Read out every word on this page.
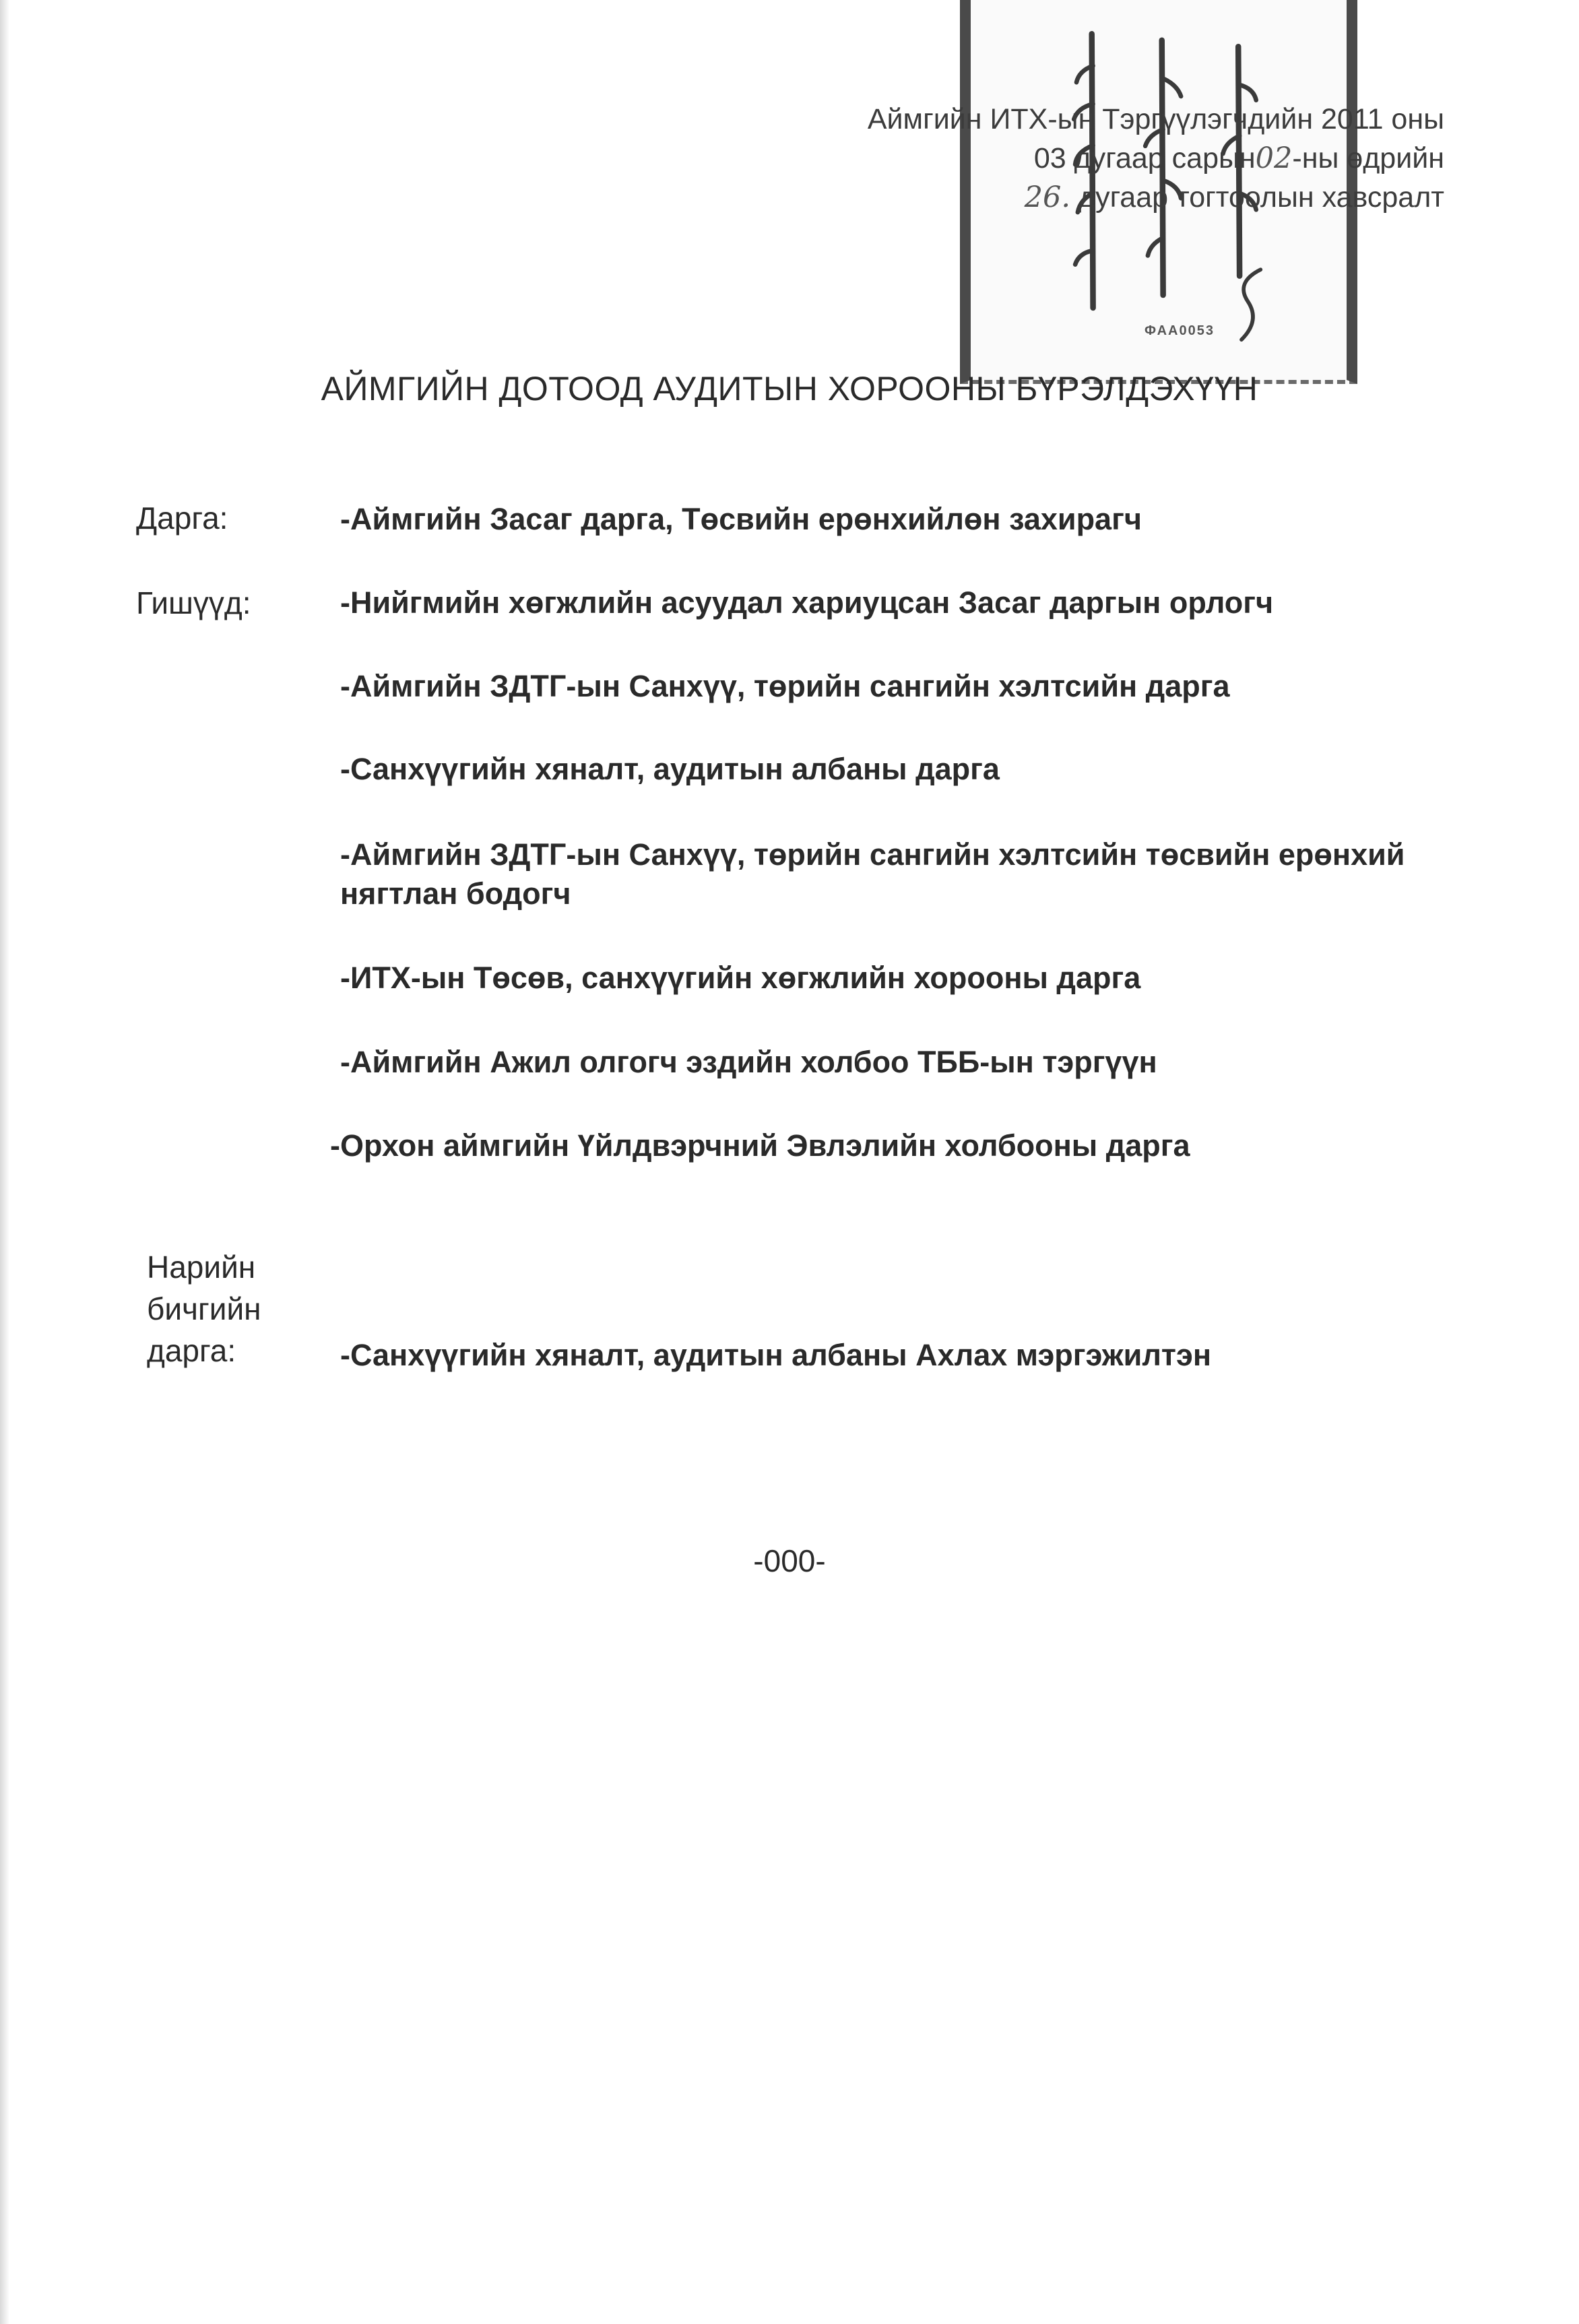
ФАА0053
Аймгийн ИТХ-ын Тэргүүлэгчдийн 2011 оны
03 дугаар сарын02-ны өдрийн
26. дугаар тогтоолын хавсралт
АЙМГИЙН ДОТООД АУДИТЫН ХОРООНЫ БҮРЭЛДЭХҮҮН
Дарга:	-Аймгийн Засаг дарга, Төсвийн ерөнхийлөн захирагч
Гишүүд:	-Нийгмийн хөгжлийн асуудал хариуцсан Засаг даргын орлогч
-Аймгийн ЗДТГ-ын Санхүү, төрийн сангийн хэлтсийн дарга
-Санхүүгийн хяналт, аудитын албаны дарга
-Аймгийн ЗДТГ-ын Санхүү, төрийн сангийн хэлтсийн төсвийн ерөнхий нягтлан бодогч
-ИТХ-ын Төсөв, санхүүгийн хөгжлийн хорооны дарга
-Аймгийн Ажил олгогч эздийн холбоо ТББ-ын тэргүүн
-Орхон аймгийн Үйлдвэрчний Эвлэлийн холбооны дарга
Нарийн
бичгийн
дарга:	-Санхүүгийн хяналт, аудитын албаны Ахлах мэргэжилтэн
-000-
